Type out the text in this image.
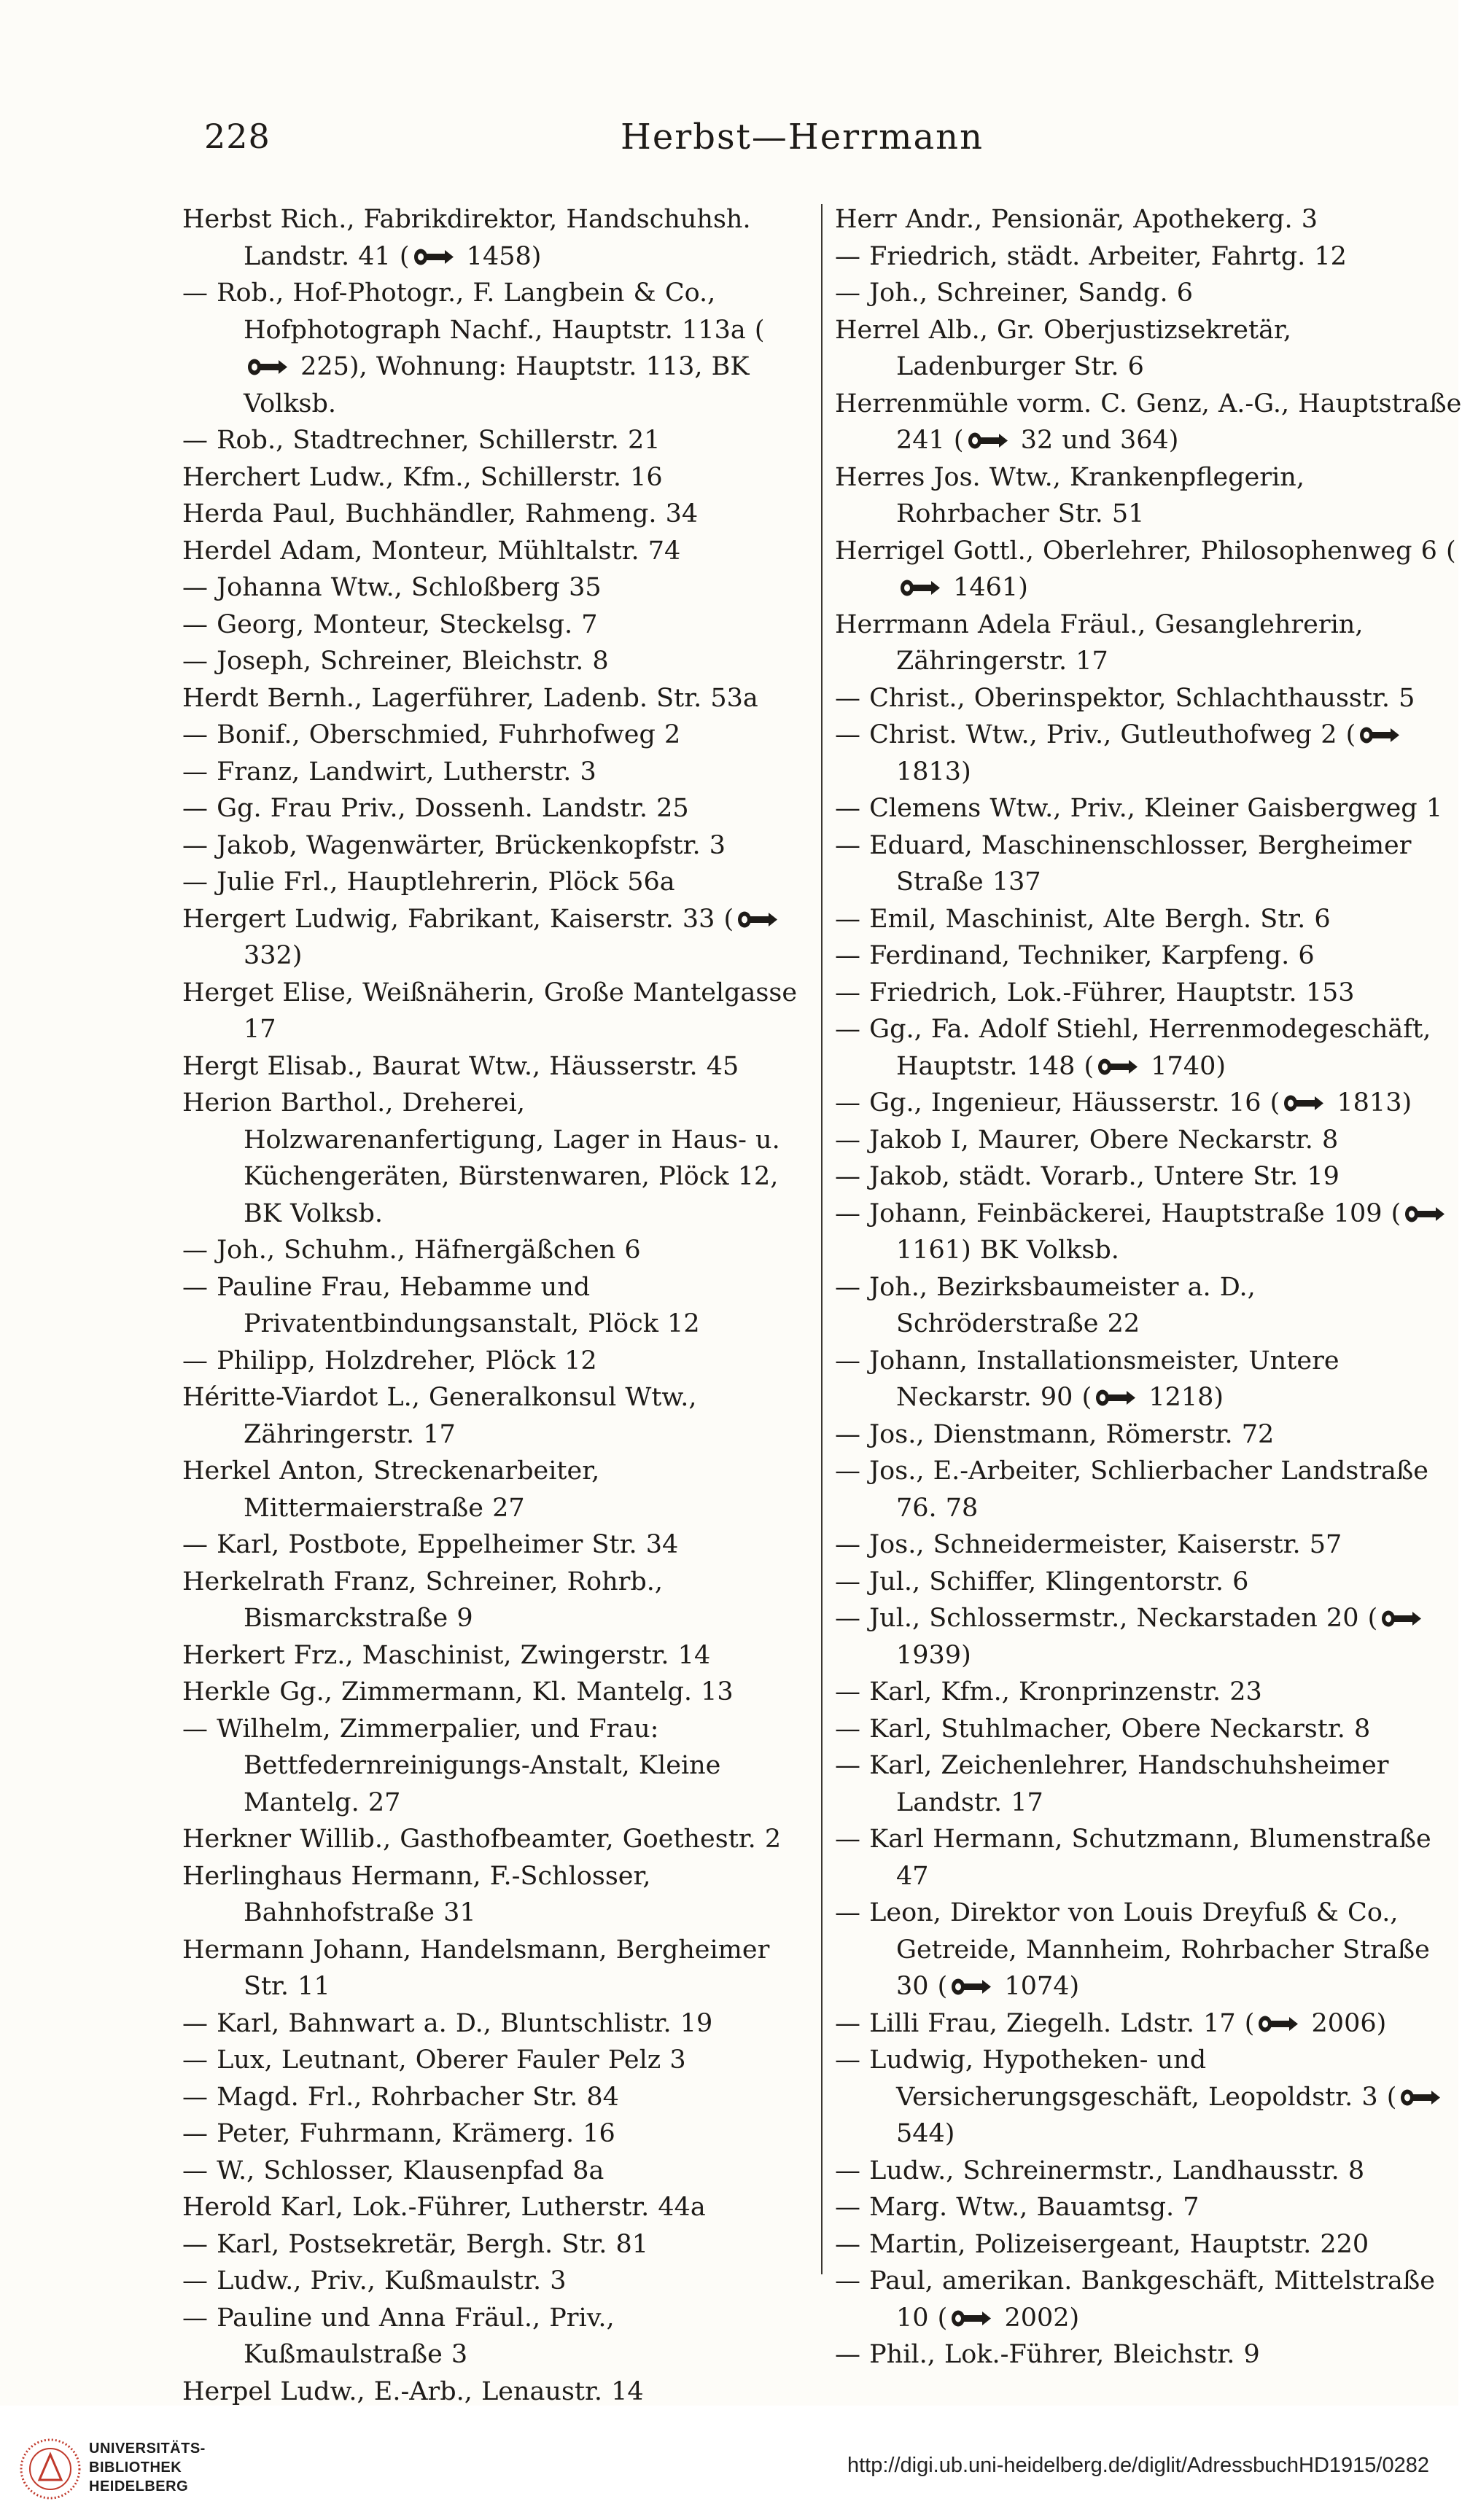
228	Herbst—Herrmann
Herbst Rich., Fabrikdirektor, Handschuhsh. Landstr. 41 (
1458)
— Rob., Hof-Photogr., F. Langbein & Co., Hofphotograph Nachf., Hauptstr. 113a (
225), Wohnung: Hauptstr. 113, BK Volksb.
— Rob., Stadtrechner, Schillerstr. 21
Herchert Ludw., Kfm., Schillerstr. 16
Herda Paul, Buchhändler, Rahmeng. 34
Herdel Adam, Monteur, Mühltalstr. 74
— Johanna Wtw., Schloßberg 35
— Georg, Monteur, Steckelsg. 7
— Joseph, Schreiner, Bleichstr. 8
Herdt Bernh., Lagerführer, Ladenb. Str. 53a
— Bonif., Oberschmied, Fuhrhofweg 2
— Franz, Landwirt, Lutherstr. 3
— Gg. Frau Priv., Dossenh. Landstr. 25
— Jakob, Wagenwärter, Brückenkopfstr. 3
— Julie Frl., Hauptlehrerin, Plöck 56a
Hergert Ludwig, Fabrikant, Kaiserstr. 33 (
332)
Herget Elise, Weißnäherin, Große Mantelgasse 17
Hergt Elisab., Baurat Wtw., Häusserstr. 45
Herion Barthol., Dreherei, Holzwarenanfertigung, Lager in Haus- u. Küchengeräten, Bürstenwaren, Plöck 12, BK Volksb.
— Joh., Schuhm., Häfnergäßchen 6
— Pauline Frau, Hebamme und Privatentbindungsanstalt, Plöck 12
— Philipp, Holzdreher, Plöck 12
Héritte-Viardot L., Generalkonsul Wtw., Zähringerstr. 17
Herkel Anton, Streckenarbeiter, Mittermaierstraße 27
— Karl, Postbote, Eppelheimer Str. 34
Herkelrath Franz, Schreiner, Rohrb., Bismarckstraße 9
Herkert Frz., Maschinist, Zwingerstr. 14
Herkle Gg., Zimmermann, Kl. Mantelg. 13
— Wilhelm, Zimmerpalier, und Frau: Bettfedernreinigungs-Anstalt, Kleine Mantelg. 27
Herkner Willib., Gasthofbeamter, Goethestr. 2
Herlinghaus Hermann, F.-Schlosser, Bahnhofstraße 31
Hermann Johann, Handelsmann, Bergheimer Str. 11
— Karl, Bahnwart a. D., Bluntschlistr. 19
— Lux, Leutnant, Oberer Fauler Pelz 3
— Magd. Frl., Rohrbacher Str. 84
— Peter, Fuhrmann, Krämerg. 16
— W., Schlosser, Klausenpfad 8a
Herold Karl, Lok.-Führer, Lutherstr. 44a
— Karl, Postsekretär, Bergh. Str. 81
— Ludw., Priv., Kußmaulstr. 3
— Pauline und Anna Fräul., Priv., Kußmaulstraße 3
Herpel Ludw., E.-Arb., Lenaustr. 14
Herr Andr., Pensionär, Apothekerg. 3
— Friedrich, städt. Arbeiter, Fahrtg. 12
— Joh., Schreiner, Sandg. 6
Herrel Alb., Gr. Oberjustizsekretär, Ladenburger Str. 6
Herrenmühle vorm. C. Genz, A.-G., Hauptstraße 241 (
32 und 364)
Herres Jos. Wtw., Krankenpflegerin, Rohrbacher Str. 51
Herrigel Gottl., Oberlehrer, Philosophenweg 6 (
1461)
Herrmann Adela Fräul., Gesanglehrerin, Zähringerstr. 17
— Christ., Oberinspektor, Schlachthausstr. 5
— Christ. Wtw., Priv., Gutleuthofweg 2 (
1813)
— Clemens Wtw., Priv., Kleiner Gaisbergweg 1
— Eduard, Maschinenschlosser, Bergheimer Straße 137
— Emil, Maschinist, Alte Bergh. Str. 6
— Ferdinand, Techniker, Karpfeng. 6
— Friedrich, Lok.-Führer, Hauptstr. 153
— Gg., Fa. Adolf Stiehl, Herrenmodegeschäft, Hauptstr. 148 (
1740)
— Gg., Ingenieur, Häusserstr. 16 (
1813)
— Jakob I, Maurer, Obere Neckarstr. 8
— Jakob, städt. Vorarb., Untere Str. 19
— Johann, Feinbäckerei, Hauptstraße 109 (
1161) BK Volksb.
— Joh., Bezirksbaumeister a. D., Schröderstraße 22
— Johann, Installationsmeister, Untere Neckarstr. 90 (
1218)
— Jos., Dienstmann, Römerstr. 72
— Jos., E.-Arbeiter, Schlierbacher Landstraße 76. 78
— Jos., Schneidermeister, Kaiserstr. 57
— Jul., Schiffer, Klingentorstr. 6
— Jul., Schlossermstr., Neckarstaden 20 (
1939)
— Karl, Kfm., Kronprinzenstr. 23
— Karl, Stuhlmacher, Obere Neckarstr. 8
— Karl, Zeichenlehrer, Handschuhsheimer Landstr. 17
— Karl Hermann, Schutzmann, Blumenstraße 47
— Leon, Direktor von Louis Dreyfuß & Co., Getreide, Mannheim, Rohrbacher Straße 30 (
1074)
— Lilli Frau, Ziegelh. Ldstr. 17 (
2006)
— Ludwig, Hypotheken- und Versicherungsgeschäft, Leopoldstr. 3 (
544)
— Ludw., Schreinermstr., Landhausstr. 8
— Marg. Wtw., Bauamtsg. 7
— Martin, Polizeisergeant, Hauptstr. 220
— Paul, amerikan. Bankgeschäft, Mittelstraße 10 (
2002)
— Phil., Lok.-Führer, Bleichstr. 9
UNIVERSITÄTS-
BIBLIOTHEK
HEIDELBERG
http://digi.ub.uni-heidelberg.de/diglit/AdressbuchHD1915/0282
